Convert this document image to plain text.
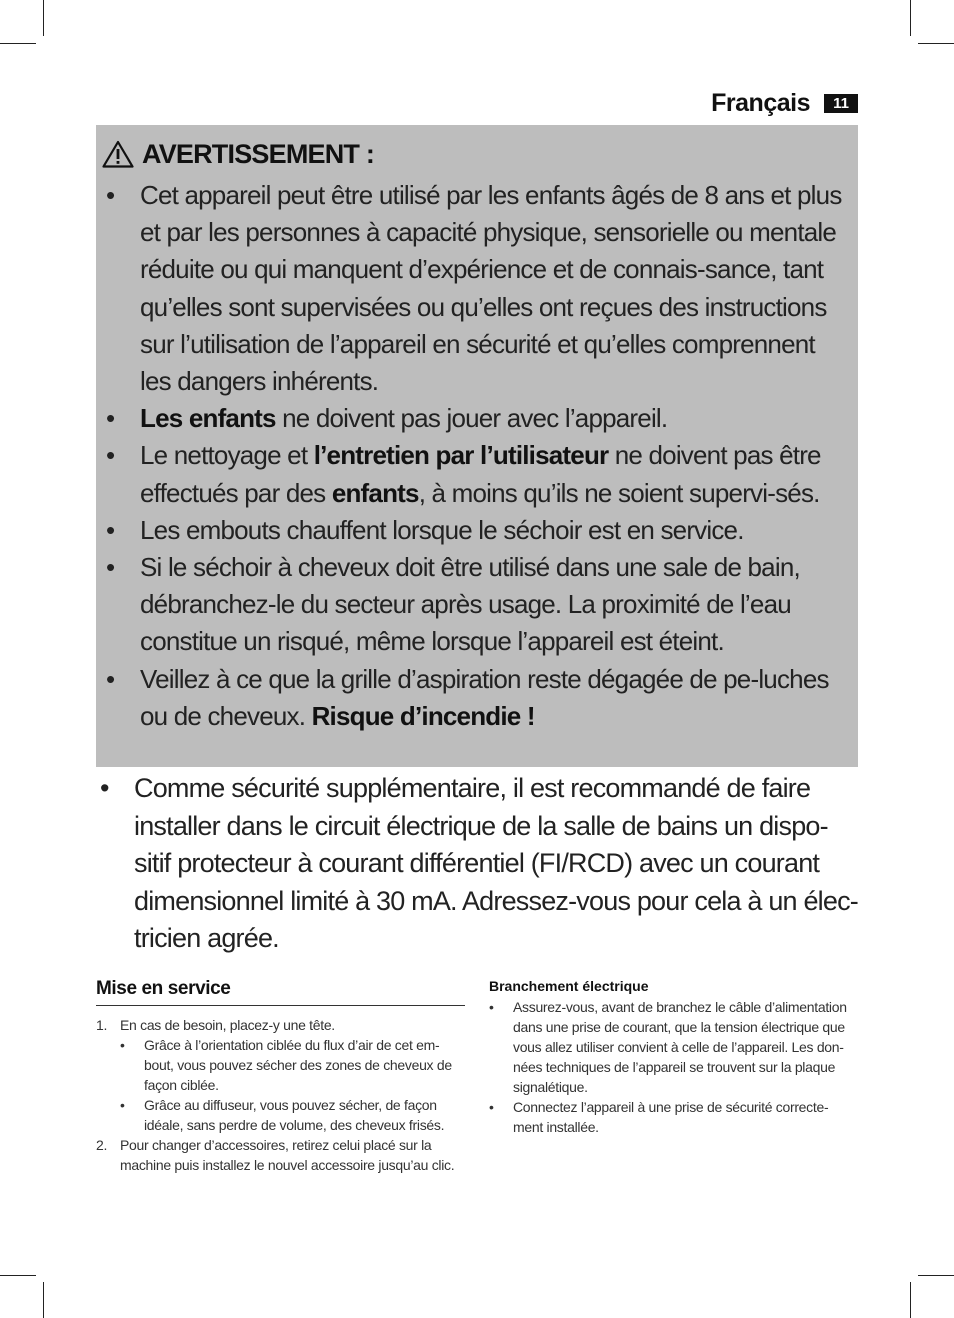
Français	11
AVERTISSEMENT :
• Cet appareil peut être utilisé par les enfants âgés de 8 ans et plus et par les personnes à capacité physique, sensorielle ou mentale réduite ou qui manquent d’expérience et de connais-sance, tant qu’elles sont supervisées ou qu’elles ont reçues des instructions sur l’utilisation de l’appareil en sécurité et qu’elles comprennent les dangers inhérents.
• Les enfants ne doivent pas jouer avec l’appareil.
• Le nettoyage et l’entretien par l’utilisateur ne doivent pas être effectués par des enfants, à moins qu’ils ne soient supervi-sés.
• Les embouts chauffent lorsque le séchoir est en service.
• Si le séchoir à cheveux doit être utilisé dans une sale de bain, débranchez-le du secteur après usage. La proximité de l’eau constitue un risqué, même lorsque l’appareil est éteint.
• Veillez à ce que la grille d’aspiration reste dégagée de pe-luches ou de cheveux. Risque d’incendie !
• Comme sécurité supplémentaire, il est recommandé de faire installer dans le circuit électrique de la salle de bains un dispo-sitif protecteur à courant différentiel (FI/RCD) avec un courant dimensionnel limité à 30 mA. Adressez-vous pour cela à un élec-tricien agrée.
Mise en service
1. En cas de besoin, placez-y une tête.
• Grâce à l’orientation ciblée du flux d’air de cet em-bout, vous pouvez sécher des zones de cheveux de façon ciblée.
• Grâce au diffuseur, vous pouvez sécher, de façon idéale, sans perdre de volume, des cheveux frisés.
2. Pour changer d’accessoires, retirez celui placé sur la machine puis installez le nouvel accessoire jusqu’au clic.
Branchement électrique
• Assurez-vous, avant de branchez le câble d’alimentation dans une prise de courant, que la tension électrique que vous allez utiliser convient à celle de l’appareil. Les don-nées techniques de l’appareil se trouvent sur la plaque signalétique.
• Connectez l’appareil à une prise de sécurité correcte-ment installée.
